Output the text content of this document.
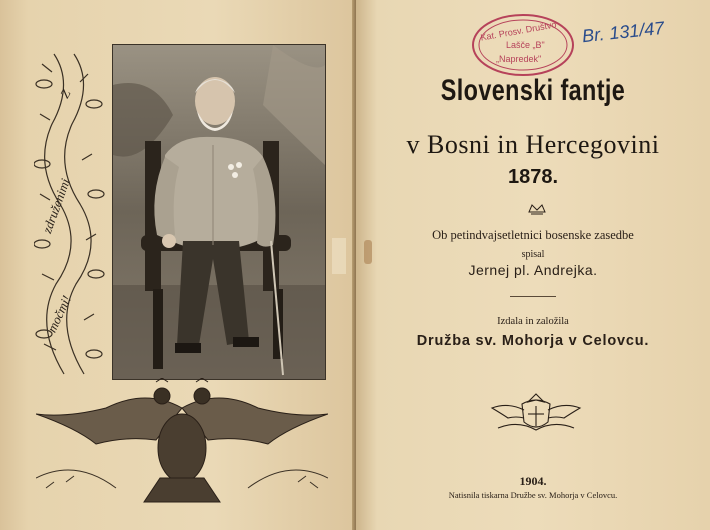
Z
združenimi
močmi!
Kat. Prosv. Društvo
Lašče „B"
„Napredek"
Br. 131/47
Slovenski fantje
v Bosni in Hercegovini
1878.
Ob petindvajsetletnici bosenske zasedbe
spisal
Jernej pl. Andrejka.
Izdala in založila
Družba sv. Mohorja v Celovcu.
1904.
Natisnila tiskarna Družbe sv. Mohorja v Celovcu.
